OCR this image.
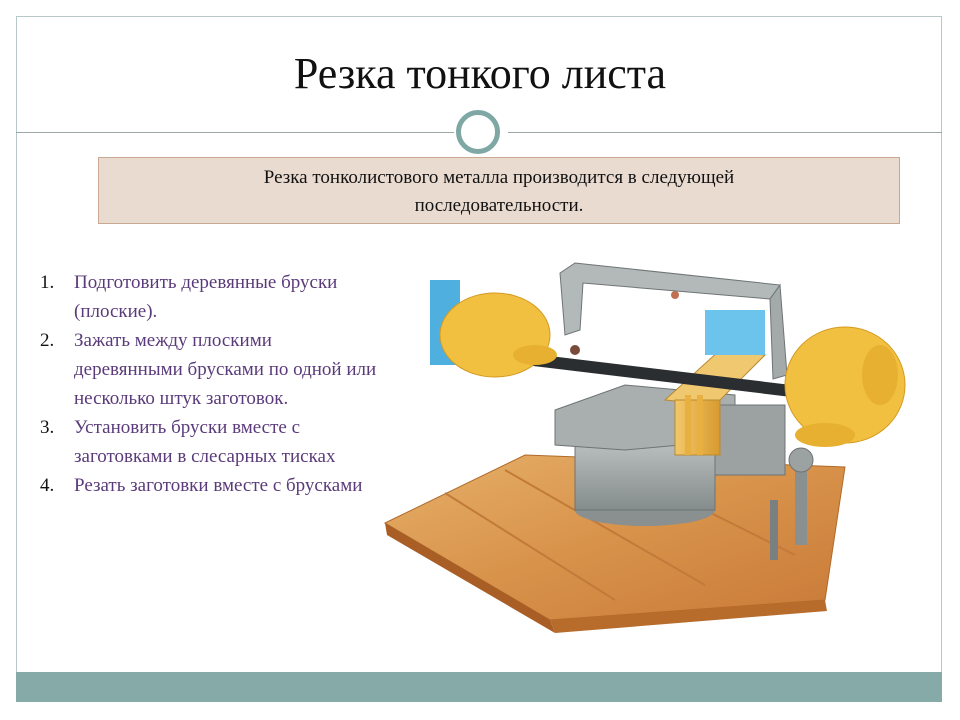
Резка тонкого листа
Резка тонколистового металла производится в следующей
последовательности.
1. Подготовить деревянные бруски (плоские).
2. Зажать между плоскими деревянными брусками по одной или несколько штук заготовок.
3. Установить бруски вместе с заготовками в слесарных тисках
4. Резать заготовки вместе с брусками
